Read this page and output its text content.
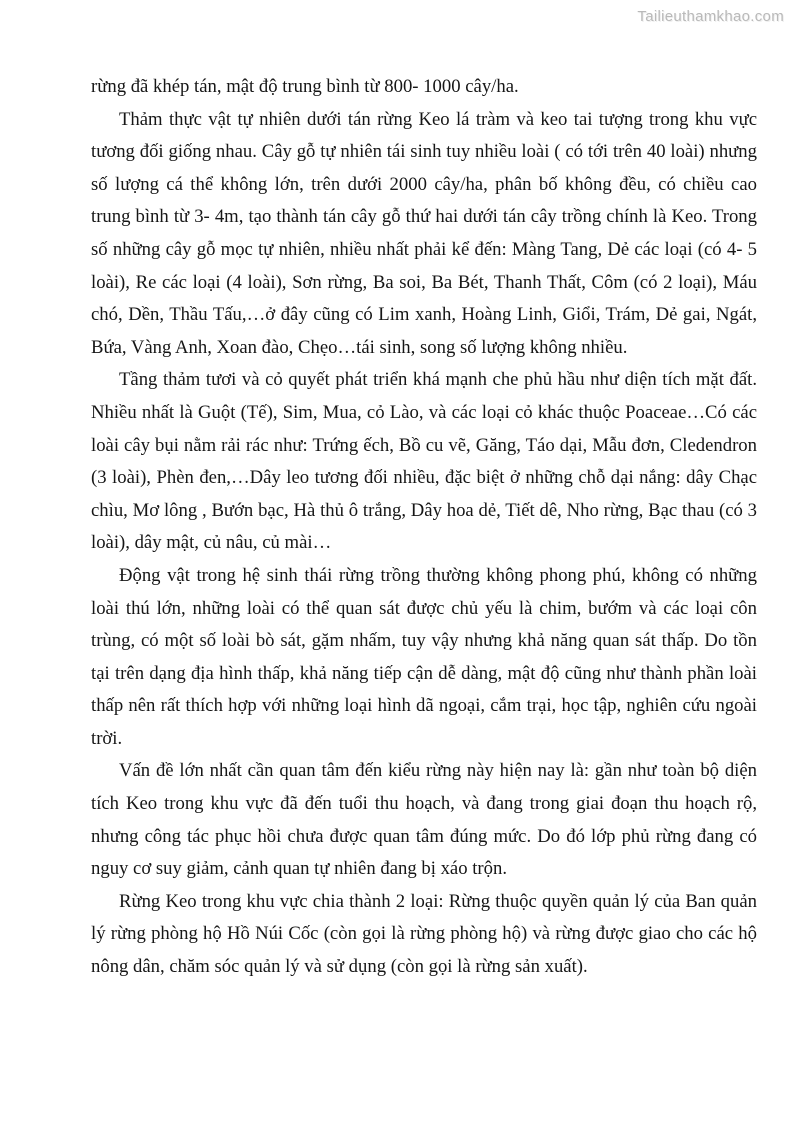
Tailieuthamkhao.com

rừng đã khép tán, mật độ trung bình từ 800- 1000 cây/ha.

Thảm thực vật tự nhiên dưới tán rừng Keo lá tràm và keo tai tượng trong khu vực tương đối giống nhau. Cây gỗ tự nhiên tái sinh tuy nhiều loài ( có tới trên 40 loài) nhưng số lượng cá thể không lớn, trên dưới 2000 cây/ha, phân bố không đều, có chiều cao trung bình từ 3- 4m, tạo thành tán cây gỗ thứ hai dưới tán cây trồng chính là Keo. Trong số những cây gỗ mọc tự nhiên, nhiều nhất phải kể đến: Màng Tang, Dẻ các loại (có 4- 5 loài), Re các loại (4 loài), Sơn rừng, Ba soi, Ba Bét, Thanh Thất, Côm (có 2 loại), Máu chó, Dền, Thầu Tấu,…ở đây cũng có Lim xanh, Hoàng Linh, Giổi, Trám, Dẻ gai, Ngát, Bứa, Vàng Anh, Xoan đào, Chẹo…tái sinh, song số lượng không nhiều.

Tầng thảm tươi và cỏ quyết phát triển khá mạnh che phủ hầu như diện tích mặt đất. Nhiều nhất là Guột (Tế), Sim, Mua, cỏ Lào, và các loại cỏ khác thuộc Poaceae…Có các loài cây bụi nằm rải rác như: Trứng ếch, Bồ cu vẽ, Găng, Táo dại, Mẫu đơn, Cledendron (3 loài), Phèn đen,…Dây leo tương đối nhiều, đặc biệt ở những chỗ dại nắng: dây Chạc chìu, Mơ lông , Bướn bạc, Hà thủ ô trắng, Dây hoa dẻ, Tiết dê, Nho rừng, Bạc thau (có 3 loài), dây mật, củ nâu, củ mài…

Động vật trong hệ sinh thái rừng trồng thường không phong phú, không có những loài thú lớn, những loài có thể quan sát được chủ yếu là chim, bướm và các loại côn trùng, có một số loài bò sát, gặm nhấm, tuy vậy nhưng khả năng quan sát thấp. Do tồn tại trên dạng địa hình thấp, khả năng tiếp cận dễ dàng, mật độ cũng như thành phần loài thấp nên rất thích hợp với những loại hình dã ngoại, cắm trại, học tập, nghiên cứu ngoài trời.

Vấn đề lớn nhất cần quan tâm đến kiểu rừng này hiện nay là: gần như toàn bộ diện tích Keo trong khu vực đã đến tuổi thu hoạch, và đang trong giai đoạn thu hoạch rộ, nhưng công tác phục hồi chưa được quan tâm đúng mức. Do đó lớp phủ rừng đang có nguy cơ suy giảm, cảnh quan tự nhiên đang bị xáo trộn.

Rừng Keo trong khu vực chia thành 2 loại: Rừng thuộc quyền quản lý của Ban quản lý rừng phòng hộ Hồ Núi Cốc (còn gọi là rừng phòng hộ) và rừng được giao cho các hộ nông dân, chăm sóc quản lý và sử dụng (còn gọi là rừng sản xuất).
